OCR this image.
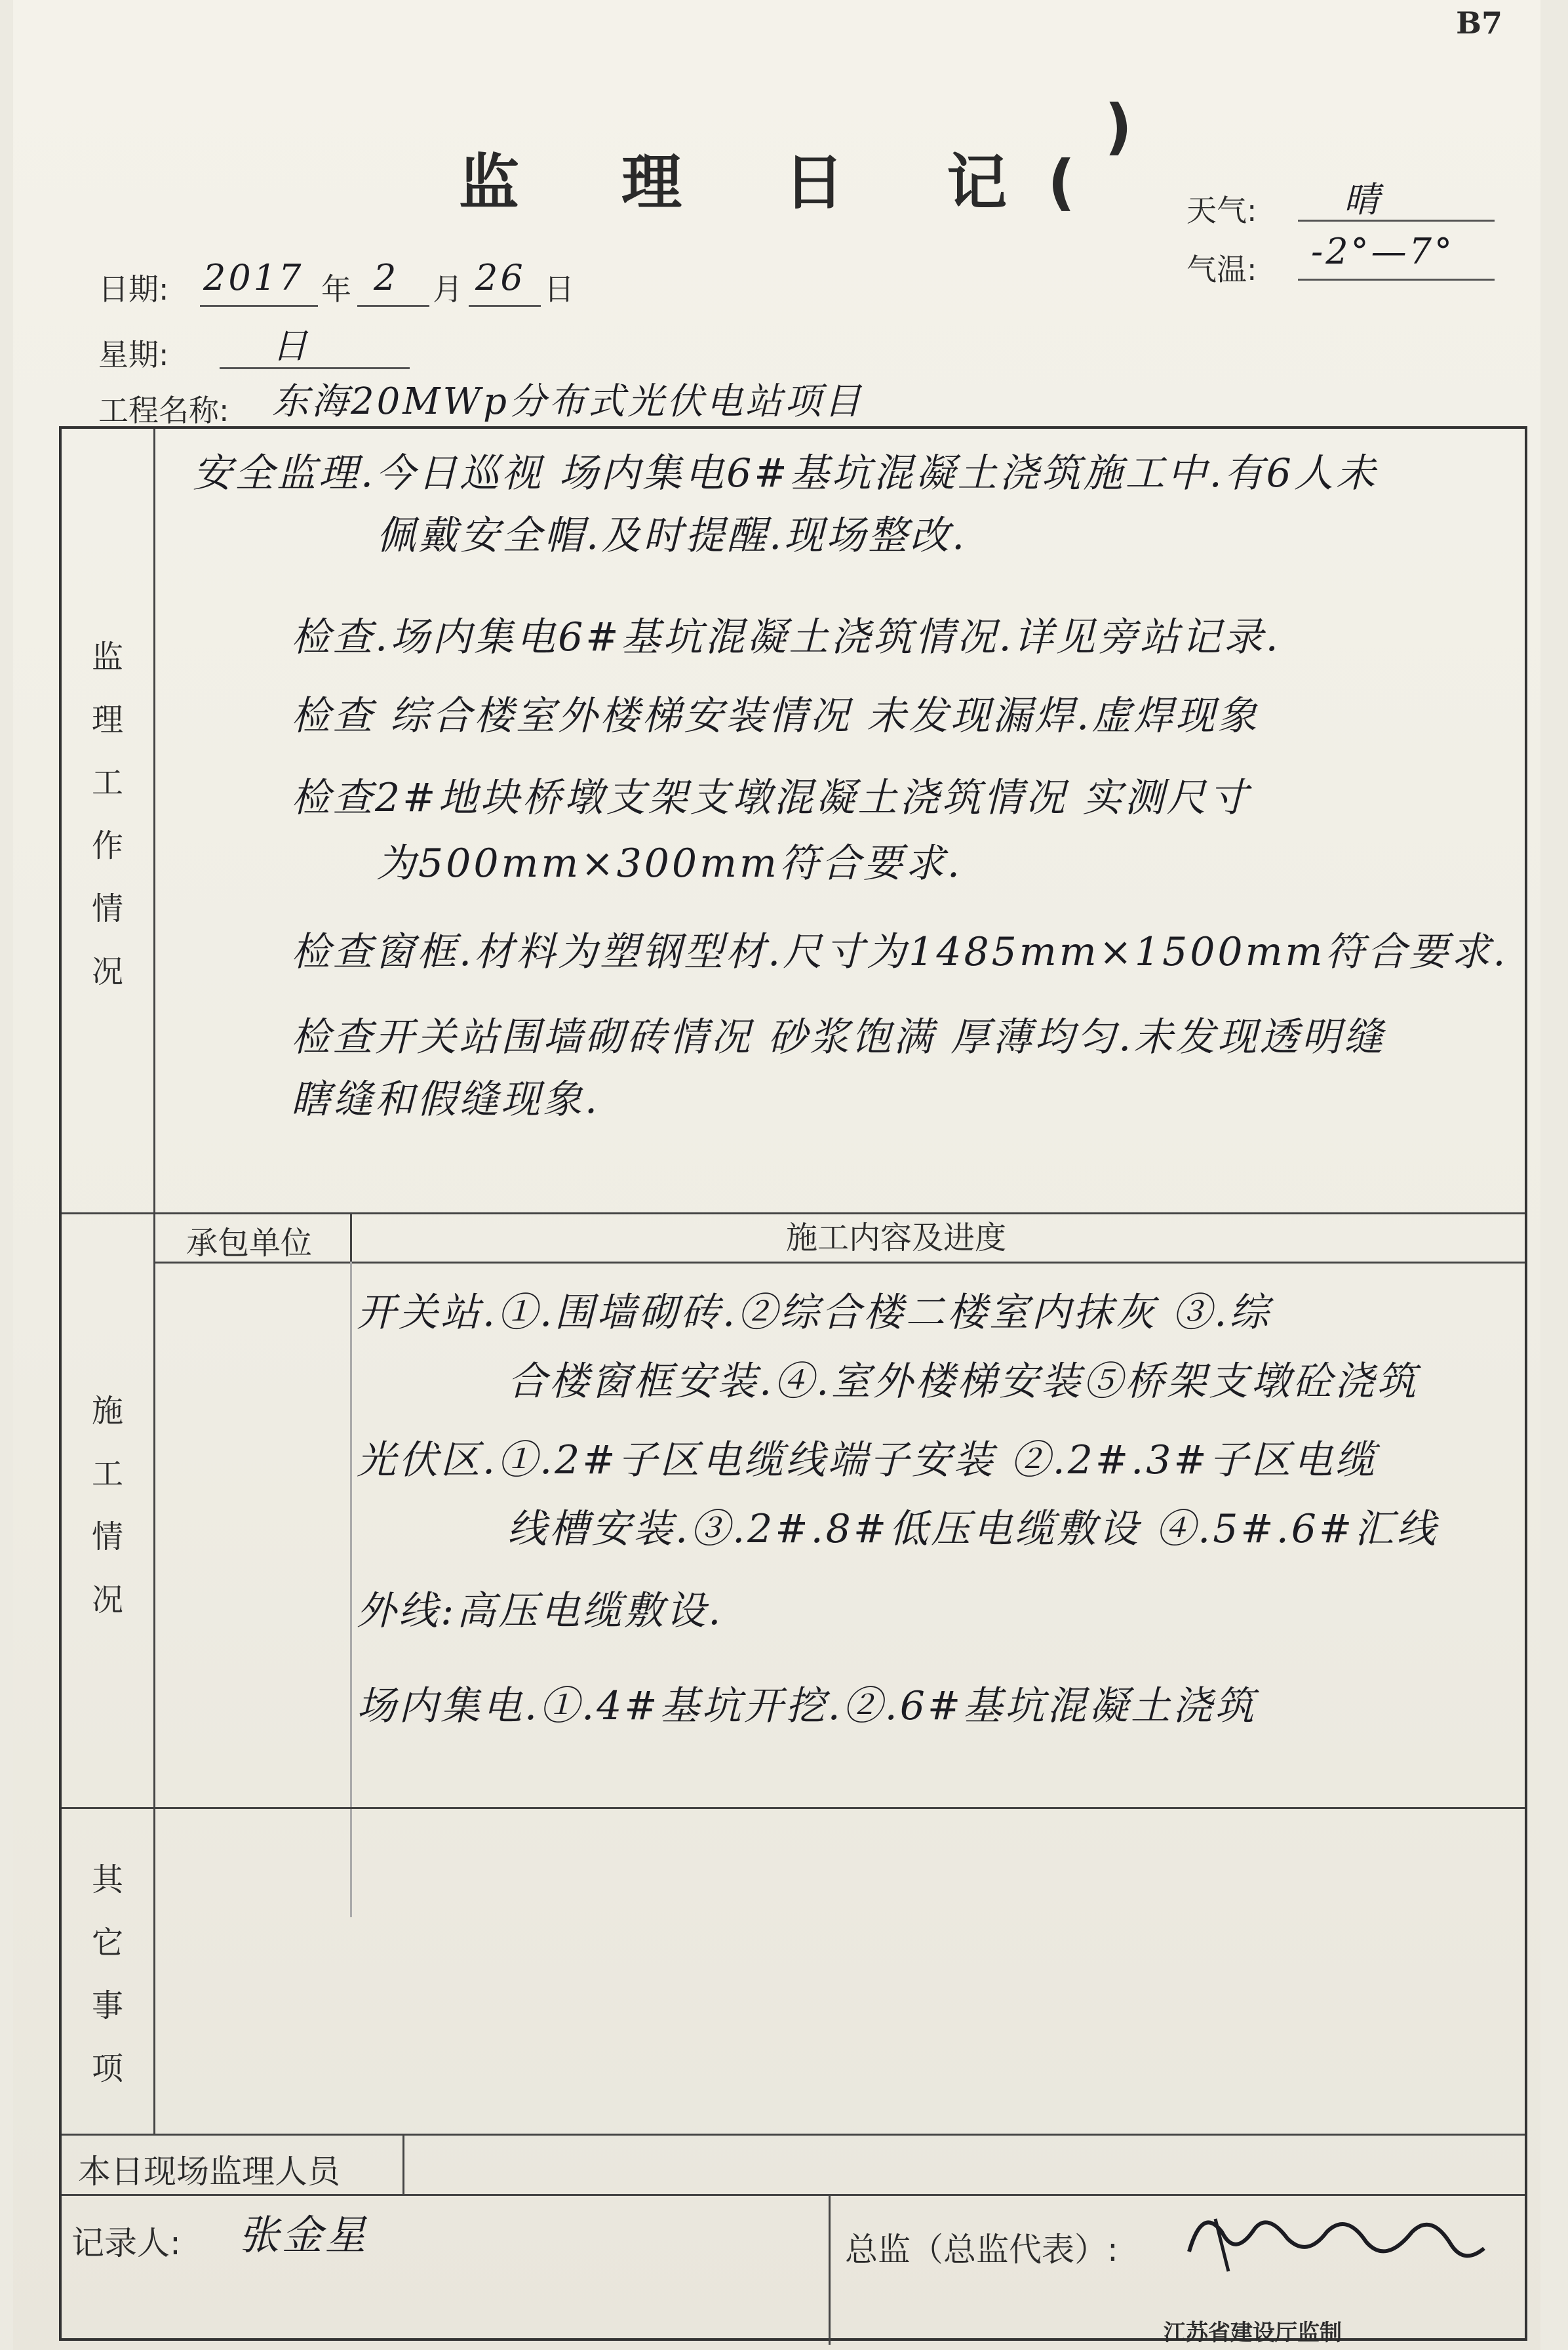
B7
监 理 日 记(
)
天气: 晴
气温: -2°—7°
日期: 2017 年 2 月 26 日
星期:	日
工程名称: 东海20MWp分布式光伏电站项目
监
理
工
作
情
况
安全监理.今日巡视 场内集电6#基坑混凝土浇筑施工中.有6人未
佩戴安全帽.及时提醒.现场整改.
检查.场内集电6#基坑混凝土浇筑情况.详见旁站记录.
检查 综合楼室外楼梯安装情况 未发现漏焊.虚焊现象
检查2#地块桥墩支架支墩混凝土浇筑情况 实测尺寸
为500mm×300mm符合要求.
检查窗框.材料为塑钢型材.尺寸为1485mm×1500mm符合要求.
检查开关站围墙砌砖情况 砂浆饱满 厚薄均匀.未发现透明缝
瞎缝和假缝现象.
承包单位	施工内容及进度
施
工
情
况
开关站.①.围墙砌砖.②综合楼二楼室内抹灰 ③.综
合楼窗框安装.④.室外楼梯安装⑤桥架支墩砼浇筑
光伏区.①.2#子区电缆线端子安装 ②.2#.3#子区电缆
线槽安装.③.2#.8#低压电缆敷设 ④.5#.6#汇线
外线:高压电缆敷设.
场内集电.①.4#基坑开挖.②.6#基坑混凝土浇筑
其
它
事
项
本日现场监理人员
记录人: 张金星	总监（总监代表）:
江苏省建设厅监制
